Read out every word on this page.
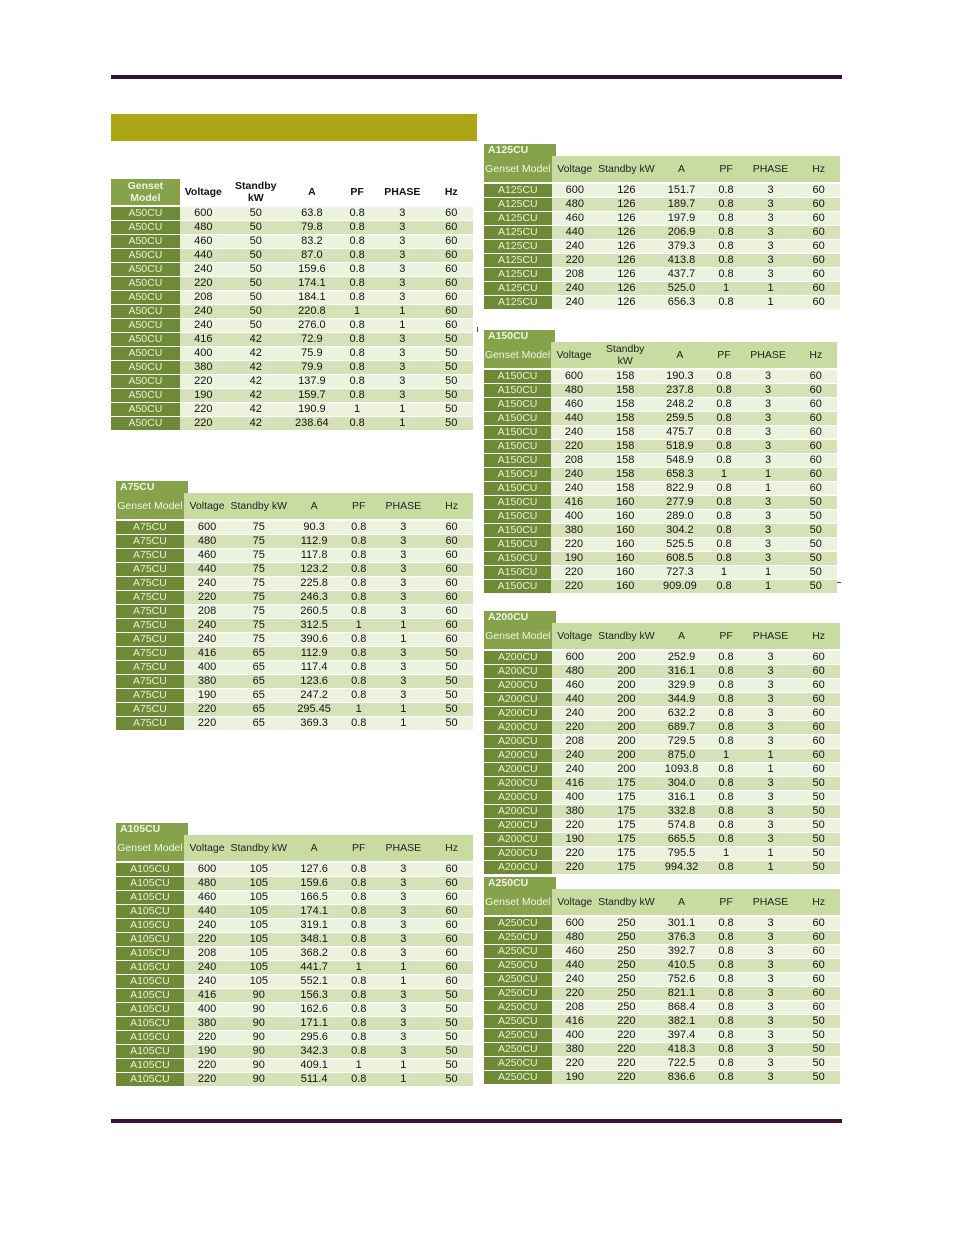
Genset Model	Voltage	Standby kW	A	PF	PHASE	Hz
A50CU	600	50	63.8	0.8	3	60
A50CU	480	50	79.8	0.8	3	60
A50CU	460	50	83.2	0.8	3	60
A50CU	440	50	87.0	0.8	3	60
A50CU	240	50	159.6	0.8	3	60
A50CU	220	50	174.1	0.8	3	60
A50CU	208	50	184.1	0.8	3	60
A50CU	240	50	220.8	1	1	60
A50CU	240	50	276.0	0.8	1	60
A50CU	416	42	72.9	0.8	3	50
A50CU	400	42	75.9	0.8	3	50
A50CU	380	42	79.9	0.8	3	50
A50CU	220	42	137.9	0.8	3	50
A50CU	190	42	159.7	0.8	3	50
A50CU	220	42	190.9	1	1	50
A50CU	220	42	238.64	0.8	1	50
A75CU
Genset Model	Voltage	Standby kW	A	PF	PHASE	Hz
A75CU	600	75	90.3	0.8	3	60
A75CU	480	75	112.9	0.8	3	60
A75CU	460	75	117.8	0.8	3	60
A75CU	440	75	123.2	0.8	3	60
A75CU	240	75	225.8	0.8	3	60
A75CU	220	75	246.3	0.8	3	60
A75CU	208	75	260.5	0.8	3	60
A75CU	240	75	312.5	1	1	60
A75CU	240	75	390.6	0.8	1	60
A75CU	416	65	112.9	0.8	3	50
A75CU	400	65	117.4	0.8	3	50
A75CU	380	65	123.6	0.8	3	50
A75CU	190	65	247.2	0.8	3	50
A75CU	220	65	295.45	1	1	50
A75CU	220	65	369.3	0.8	1	50
A105CU
Genset Model	Voltage	Standby kW	A	PF	PHASE	Hz
A105CU	600	105	127.6	0.8	3	60
A105CU	480	105	159.6	0.8	3	60
A105CU	460	105	166.5	0.8	3	60
A105CU	440	105	174.1	0.8	3	60
A105CU	240	105	319.1	0.8	3	60
A105CU	220	105	348.1	0.8	3	60
A105CU	208	105	368.2	0.8	3	60
A105CU	240	105	441.7	1	1	60
A105CU	240	105	552.1	0.8	1	60
A105CU	416	90	156.3	0.8	3	50
A105CU	400	90	162.6	0.8	3	50
A105CU	380	90	171.1	0.8	3	50
A105CU	220	90	295.6	0.8	3	50
A105CU	190	90	342.3	0.8	3	50
A105CU	220	90	409.1	1	1	50
A105CU	220	90	511.4	0.8	1	50
A125CU
Genset Model	Voltage	Standby kW	A	PF	PHASE	Hz
A125CU	600	126	151.7	0.8	3	60
A125CU	480	126	189.7	0.8	3	60
A125CU	460	126	197.9	0.8	3	60
A125CU	440	126	206.9	0.8	3	60
A125CU	240	126	379.3	0.8	3	60
A125CU	220	126	413.8	0.8	3	60
A125CU	208	126	437.7	0.8	3	60
A125CU	240	126	525.0	1	1	60
A125CU	240	126	656.3	0.8	1	60
A150CU
Genset Model	Voltage	Standby kW	A	PF	PHASE	Hz
A150CU	600	158	190.3	0.8	3	60
A150CU	480	158	237.8	0.8	3	60
A150CU	460	158	248.2	0.8	3	60
A150CU	440	158	259.5	0.8	3	60
A150CU	240	158	475.7	0.8	3	60
A150CU	220	158	518.9	0.8	3	60
A150CU	208	158	548.9	0.8	3	60
A150CU	240	158	658.3	1	1	60
A150CU	240	158	822.9	0.8	1	60
A150CU	416	160	277.9	0.8	3	50
A150CU	400	160	289.0	0.8	3	50
A150CU	380	160	304.2	0.8	3	50
A150CU	220	160	525.5	0.8	3	50
A150CU	190	160	608.5	0.8	3	50
A150CU	220	160	727.3	1	1	50
A150CU	220	160	909.09	0.8	1	50
A200CU
Genset Model	Voltage	Standby kW	A	PF	PHASE	Hz
A200CU	600	200	252.9	0.8	3	60
A200CU	480	200	316.1	0.8	3	60
A200CU	460	200	329.9	0.8	3	60
A200CU	440	200	344.9	0.8	3	60
A200CU	240	200	632.2	0.8	3	60
A200CU	220	200	689.7	0.8	3	60
A200CU	208	200	729.5	0.8	3	60
A200CU	240	200	875.0	1	1	60
A200CU	240	200	1093.8	0.8	1	60
A200CU	416	175	304.0	0.8	3	50
A200CU	400	175	316.1	0.8	3	50
A200CU	380	175	332.8	0.8	3	50
A200CU	220	175	574.8	0.8	3	50
A200CU	190	175	665.5	0.8	3	50
A200CU	220	175	795.5	1	1	50
A200CU	220	175	994.32	0.8	1	50
A250CU
Genset Model	Voltage	Standby kW	A	PF	PHASE	Hz
A250CU	600	250	301.1	0.8	3	60
A250CU	480	250	376.3	0.8	3	60
A250CU	460	250	392.7	0.8	3	60
A250CU	440	250	410.5	0.8	3	60
A250CU	240	250	752.6	0.8	3	60
A250CU	220	250	821.1	0.8	3	60
A250CU	208	250	868.4	0.8	3	60
A250CU	416	220	382.1	0.8	3	50
A250CU	400	220	397.4	0.8	3	50
A250CU	380	220	418.3	0.8	3	50
A250CU	220	220	722.5	0.8	3	50
A250CU	190	220	836.6	0.8	3	50
